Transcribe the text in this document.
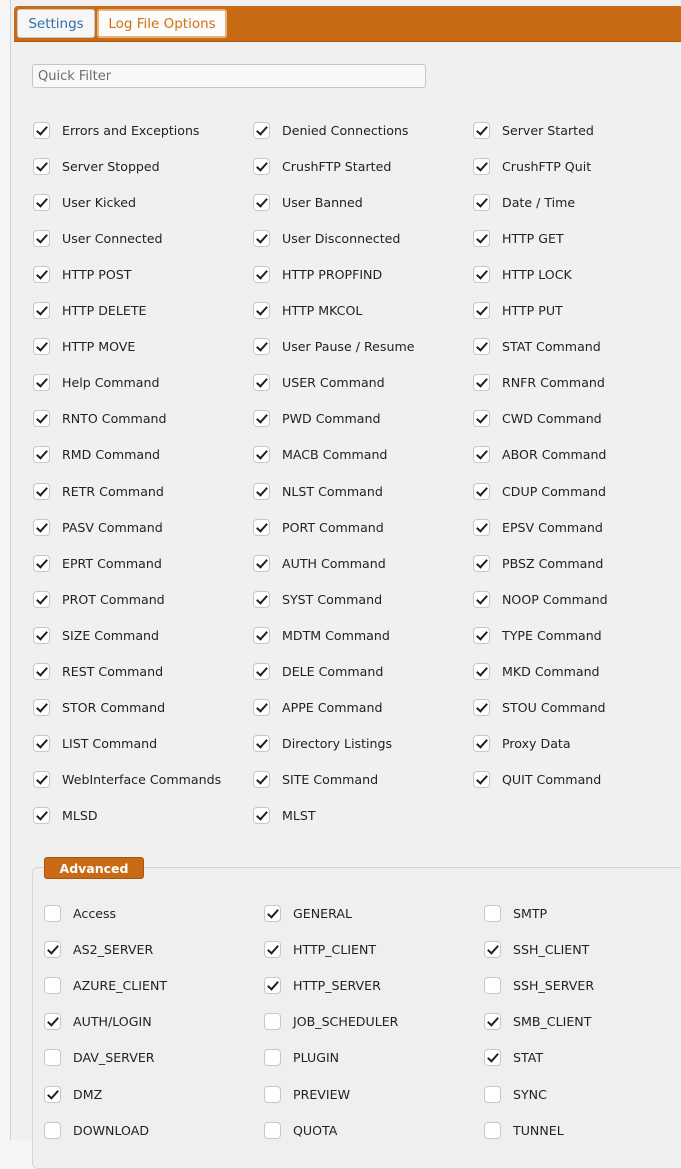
Settings	Log File Options
Quick Filter
Errors and Exceptions	Denied Connections	Server Started
Server Stopped	CrushFTP Started	CrushFTP Quit
User Kicked	User Banned	Date / Time
User Connected	User Disconnected	HTTP GET
HTTP POST	HTTP PROPFIND	HTTP LOCK
HTTP DELETE	HTTP MKCOL	HTTP PUT
HTTP MOVE	User Pause / Resume	STAT Command
Help Command	USER Command	RNFR Command
RNTO Command	PWD Command	CWD Command
RMD Command	MACB Command	ABOR Command
RETR Command	NLST Command	CDUP Command
PASV Command	PORT Command	EPSV Command
EPRT Command	AUTH Command	PBSZ Command
PROT Command	SYST Command	NOOP Command
SIZE Command	MDTM Command	TYPE Command
REST Command	DELE Command	MKD Command
STOR Command	APPE Command	STOU Command
LIST Command	Directory Listings	Proxy Data
WebInterface Commands	SITE Command	QUIT Command
MLSD	MLST
Advanced
Access	GENERAL	SMTP
AS2_SERVER	HTTP_CLIENT	SSH_CLIENT
AZURE_CLIENT	HTTP_SERVER	SSH_SERVER
AUTH/LOGIN	JOB_SCHEDULER	SMB_CLIENT
DAV_SERVER	PLUGIN	STAT
DMZ	PREVIEW	SYNC
DOWNLOAD	QUOTA	TUNNEL
